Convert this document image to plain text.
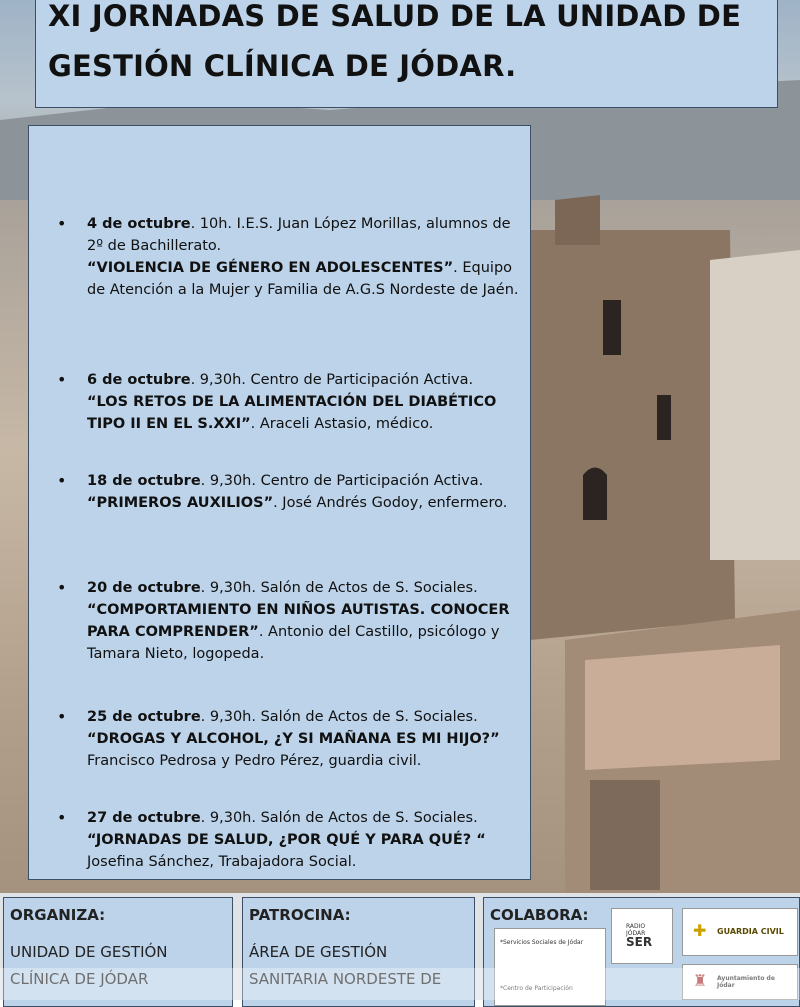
XI JORNADAS DE SALUD DE LA UNIDAD DE
GESTIÓN CLÍNICA DE JÓDAR.
• 4 de octubre. 10h. I.E.S. Juan López Morillas, alumnos de 2º de Bachillerato.
“VIOLENCIA DE GÉNERO EN ADOLESCENTES”. Equipo de Atención a la Mujer y Familia de A.G.S Nordeste de Jaén.
• 6 de octubre. 9,30h. Centro de Participación Activa.
“LOS RETOS DE LA ALIMENTACIÓN DEL DIABÉTICO TIPO II EN EL S.XXI”. Araceli Astasio, médico.
• 18 de octubre. 9,30h. Centro de Participación Activa.
“PRIMEROS AUXILIOS”. José Andrés Godoy, enfermero.
• 20 de octubre. 9,30h. Salón de Actos de S. Sociales.
“COMPORTAMIENTO EN NIÑOS AUTISTAS. CONOCER PARA COMPRENDER”. Antonio del Castillo, psicólogo y Tamara Nieto, logopeda.
• 25 de octubre. 9,30h. Salón de Actos de S. Sociales.
“DROGAS Y ALCOHOL, ¿Y SI MAÑANA ES MI HIJO?”
Francisco Pedrosa y Pedro Pérez, guardia civil.
• 27 de octubre. 9,30h. Salón de Actos de S. Sociales.
“JORNADAS DE SALUD, ¿POR QUÉ Y PARA QUÉ? “
Josefina Sánchez, Trabajadora Social.
ORGANIZA:
UNIDAD DE GESTIÓN
CLÍNICA DE JÓDAR
PATROCINA:
ÁREA DE GESTIÓN
SANITARIA NORDESTE DE
COLABORA:
*Servicios Sociales de Jódar
*Centro de Participación
RADIO JÓDAR
SER
✚ GUARDIA CIVIL
♜ Ayuntamiento de Jódar
